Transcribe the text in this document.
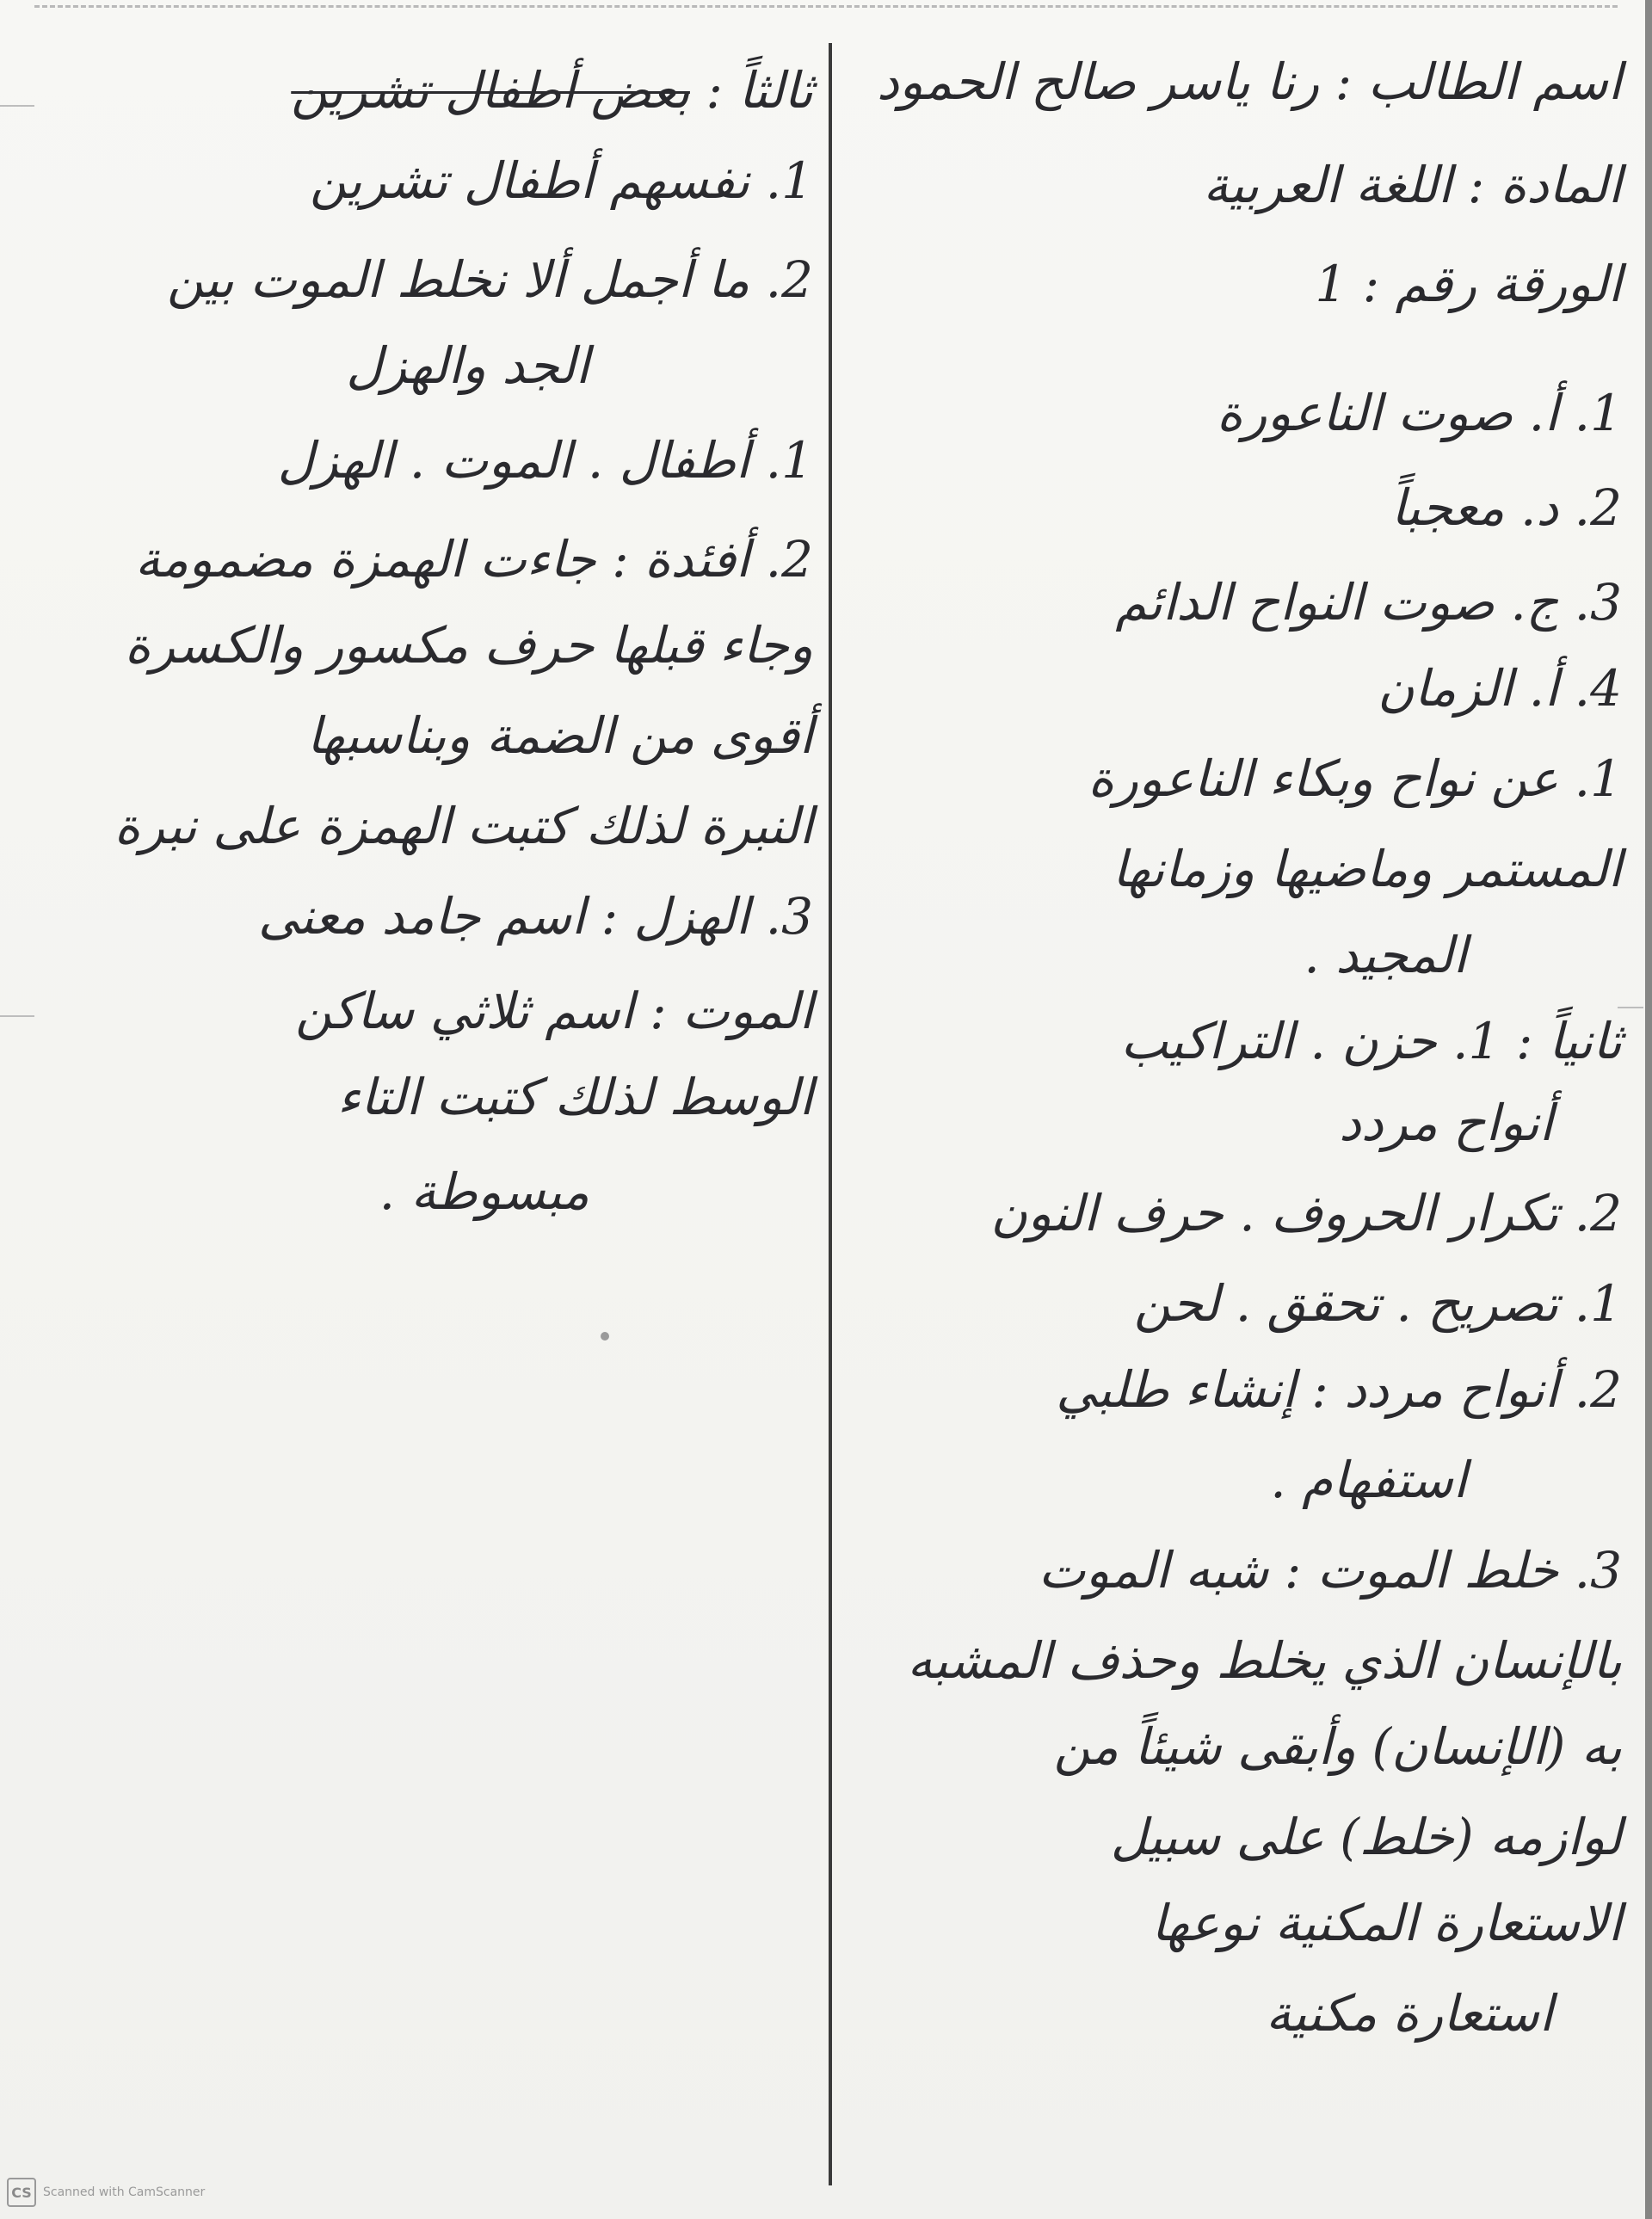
اسم الطالب : رنا ياسر صالح الحمود
المادة : اللغة العربية
الورقة رقم : 1
1. أ. صوت الناعورة
2. د. معجباً
3. ج. صوت النواح الدائم
4. أ. الزمان
1. عن نواح وبكاء الناعورة
المستمر وماضيها وزمانها
المجيد .
ثانياً : 1. حزن . التراكيب
أنواح مردد
2. تكرار الحروف . حرف النون
1. تصريح . تحقق . لحن
2. أنواح مردد : إنشاء طلبي
استفهام .
3. خلط الموت : شبه الموت
بالإنسان الذي يخلط وحذف المشبه
به (الإنسان) وأبقى شيئاً من
لوازمه (خلط) على سبيل
الاستعارة المكنية نوعها
استعارة مكنية
ثالثاً : بعض أطفال تشرين
1. نفسهم أطفال تشرين
2. ما أجمل ألا نخلط الموت بين
الجد والهزل
1. أطفال . الموت . الهزل
2. أفئدة : جاءت الهمزة مضمومة
وجاء قبلها حرف مكسور والكسرة
أقوى من الضمة وبناسبها
النبرة لذلك كتبت الهمزة على نبرة
3. الهزل : اسم جامد معنى
الموت : اسم ثلاثي ساكن
الوسط لذلك كتبت التاء
مبسوطة .
CS Scanned with CamScanner
